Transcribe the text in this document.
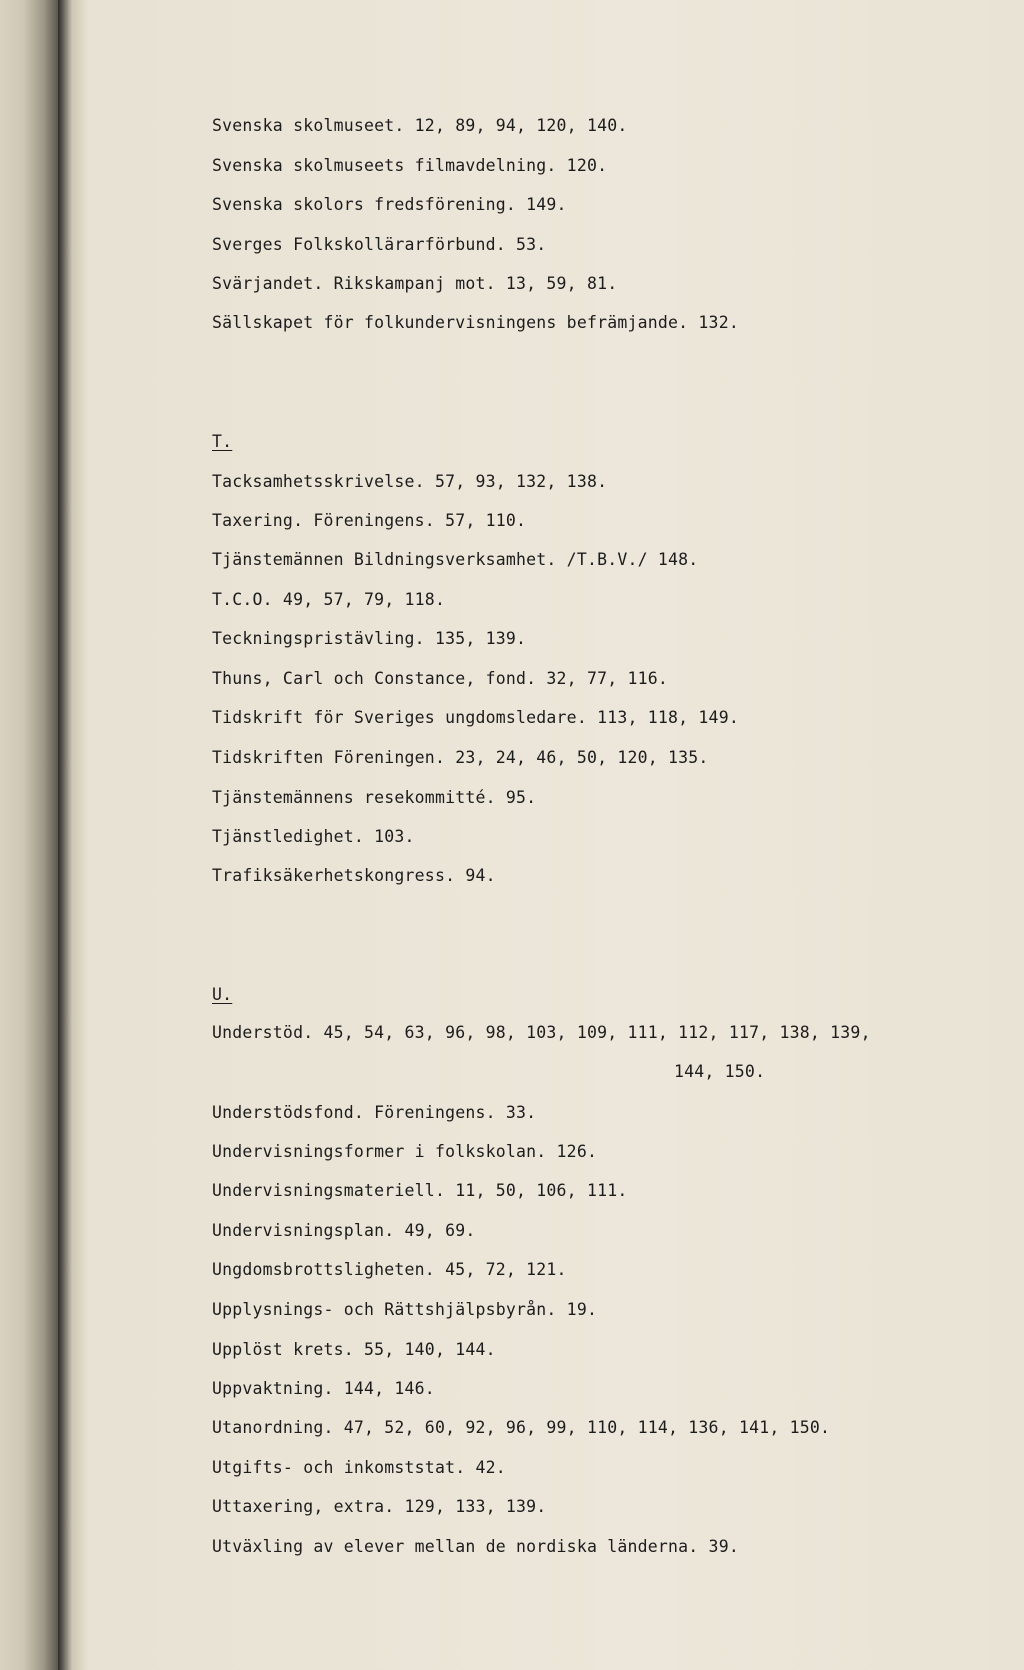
Svenska skolmuseet. 12, 89, 94, 120, 140.
Svenska skolmuseets filmavdelning. 120.
Svenska skolors fredsförening. 149.
Sverges Folkskollärarförbund. 53.
Svärjandet. Rikskampanj mot. 13, 59, 81.
Sällskapet för folkundervisningens befrämjande. 132.
T.
Tacksamhetsskrivelse. 57, 93, 132, 138.
Taxering. Föreningens. 57, 110.
Tjänstemännen Bildningsverksamhet. /T.B.V./ 148.
T.C.O. 49, 57, 79, 118.
Teckningspristävling. 135, 139.
Thuns, Carl och Constance, fond. 32, 77, 116.
Tidskrift för Sveriges ungdomsledare. 113, 118, 149.
Tidskriften Föreningen. 23, 24, 46, 50, 120, 135.
Tjänstemännens resekommitté. 95.
Tjänstledighet. 103.
Trafiksäkerhetskongress. 94.
U.
Understöd. 45, 54, 63, 96, 98, 103, 109, 111, 112, 117, 138, 139,
144, 150.
Understödsfond. Föreningens. 33.
Undervisningsformer i folkskolan. 126.
Undervisningsmateriell. 11, 50, 106, 111.
Undervisningsplan. 49, 69.
Ungdomsbrottsligheten. 45, 72, 121.
Upplysnings- och Rättshjälpsbyrån. 19.
Upplöst krets. 55, 140, 144.
Uppvaktning. 144, 146.
Utanordning. 47, 52, 60, 92, 96, 99, 110, 114, 136, 141, 150.
Utgifts- och inkomststat. 42.
Uttaxering, extra. 129, 133, 139.
Utväxling av elever mellan de nordiska länderna. 39.
